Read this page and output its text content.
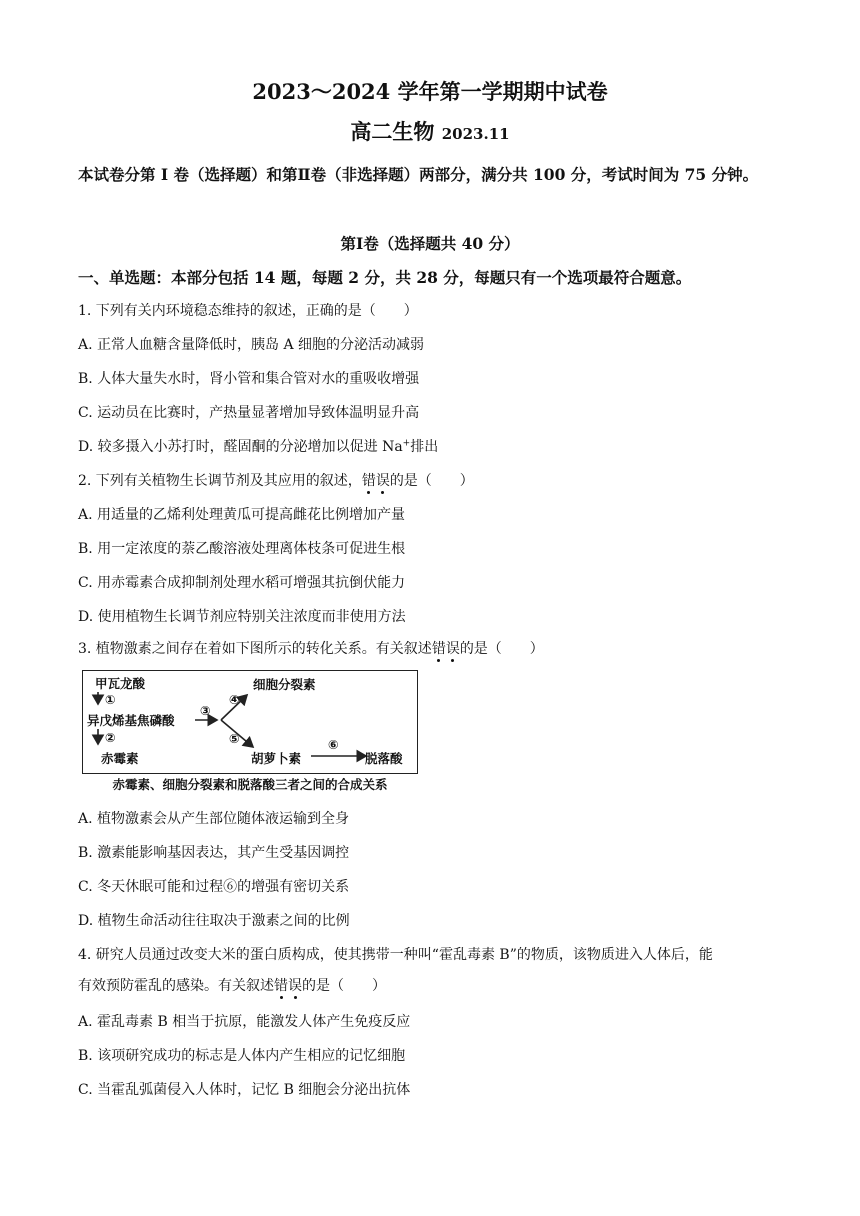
2023～2024 学年第一学期期中试卷
高二生物 2023.11
本试卷分第 I 卷（选择题）和第Ⅱ卷（非选择题）两部分，满分共 100 分，考试时间为 75 分钟。
第Ⅰ卷（选择题共 40 分）
一、单选题：本部分包括 14 题，每题 2 分，共 28 分，每题只有一个选项最符合题意。
1. 下列有关内环境稳态维持的叙述，正确的是（　　）
A. 正常人血糖含量降低时，胰岛 A 细胞的分泌活动减弱
B. 人体大量失水时，肾小管和集合管对水的重吸收增强
C. 运动员在比赛时，产热量显著增加导致体温明显升高
D. 较多摄入小苏打时，醛固酮的分泌增加以促进 Na+排出
2. 下列有关植物生长调节剂及其应用的叙述，错误的是（　　）
A. 用适量的乙烯利处理黄瓜可提高雌花比例增加产量
B. 用一定浓度的萘乙酸溶液处理离体枝条可促进生根
C. 用赤霉素合成抑制剂处理水稻可增强其抗倒伏能力
D. 使用植物生长调节剂应特别关注浓度而非使用方法
3. 植物激素之间存在着如下图所示的转化关系。有关叙述错误的是（　　）
甲瓦龙酸
①
异戊烯基焦磷酸
②
赤霉素
③
④
⑤
细胞分裂素
胡萝卜素
⑥
脱落酸
赤霉素、细胞分裂素和脱落酸三者之间的合成关系
A. 植物激素会从产生部位随体液运输到全身
B. 激素能影响基因表达，其产生受基因调控
C. 冬天休眠可能和过程⑥的增强有密切关系
D. 植物生命活动往往取决于激素之间的比例
4. 研究人员通过改变大米的蛋白质构成，使其携带一种叫“霍乱毒素 B”的物质，该物质进入人体后，能
有效预防霍乱的感染。有关叙述错误的是（　　）
A. 霍乱毒素 B 相当于抗原，能激发人体产生免疫反应
B. 该项研究成功的标志是人体内产生相应的记忆细胞
C. 当霍乱弧菌侵入人体时，记忆 B 细胞会分泌出抗体
